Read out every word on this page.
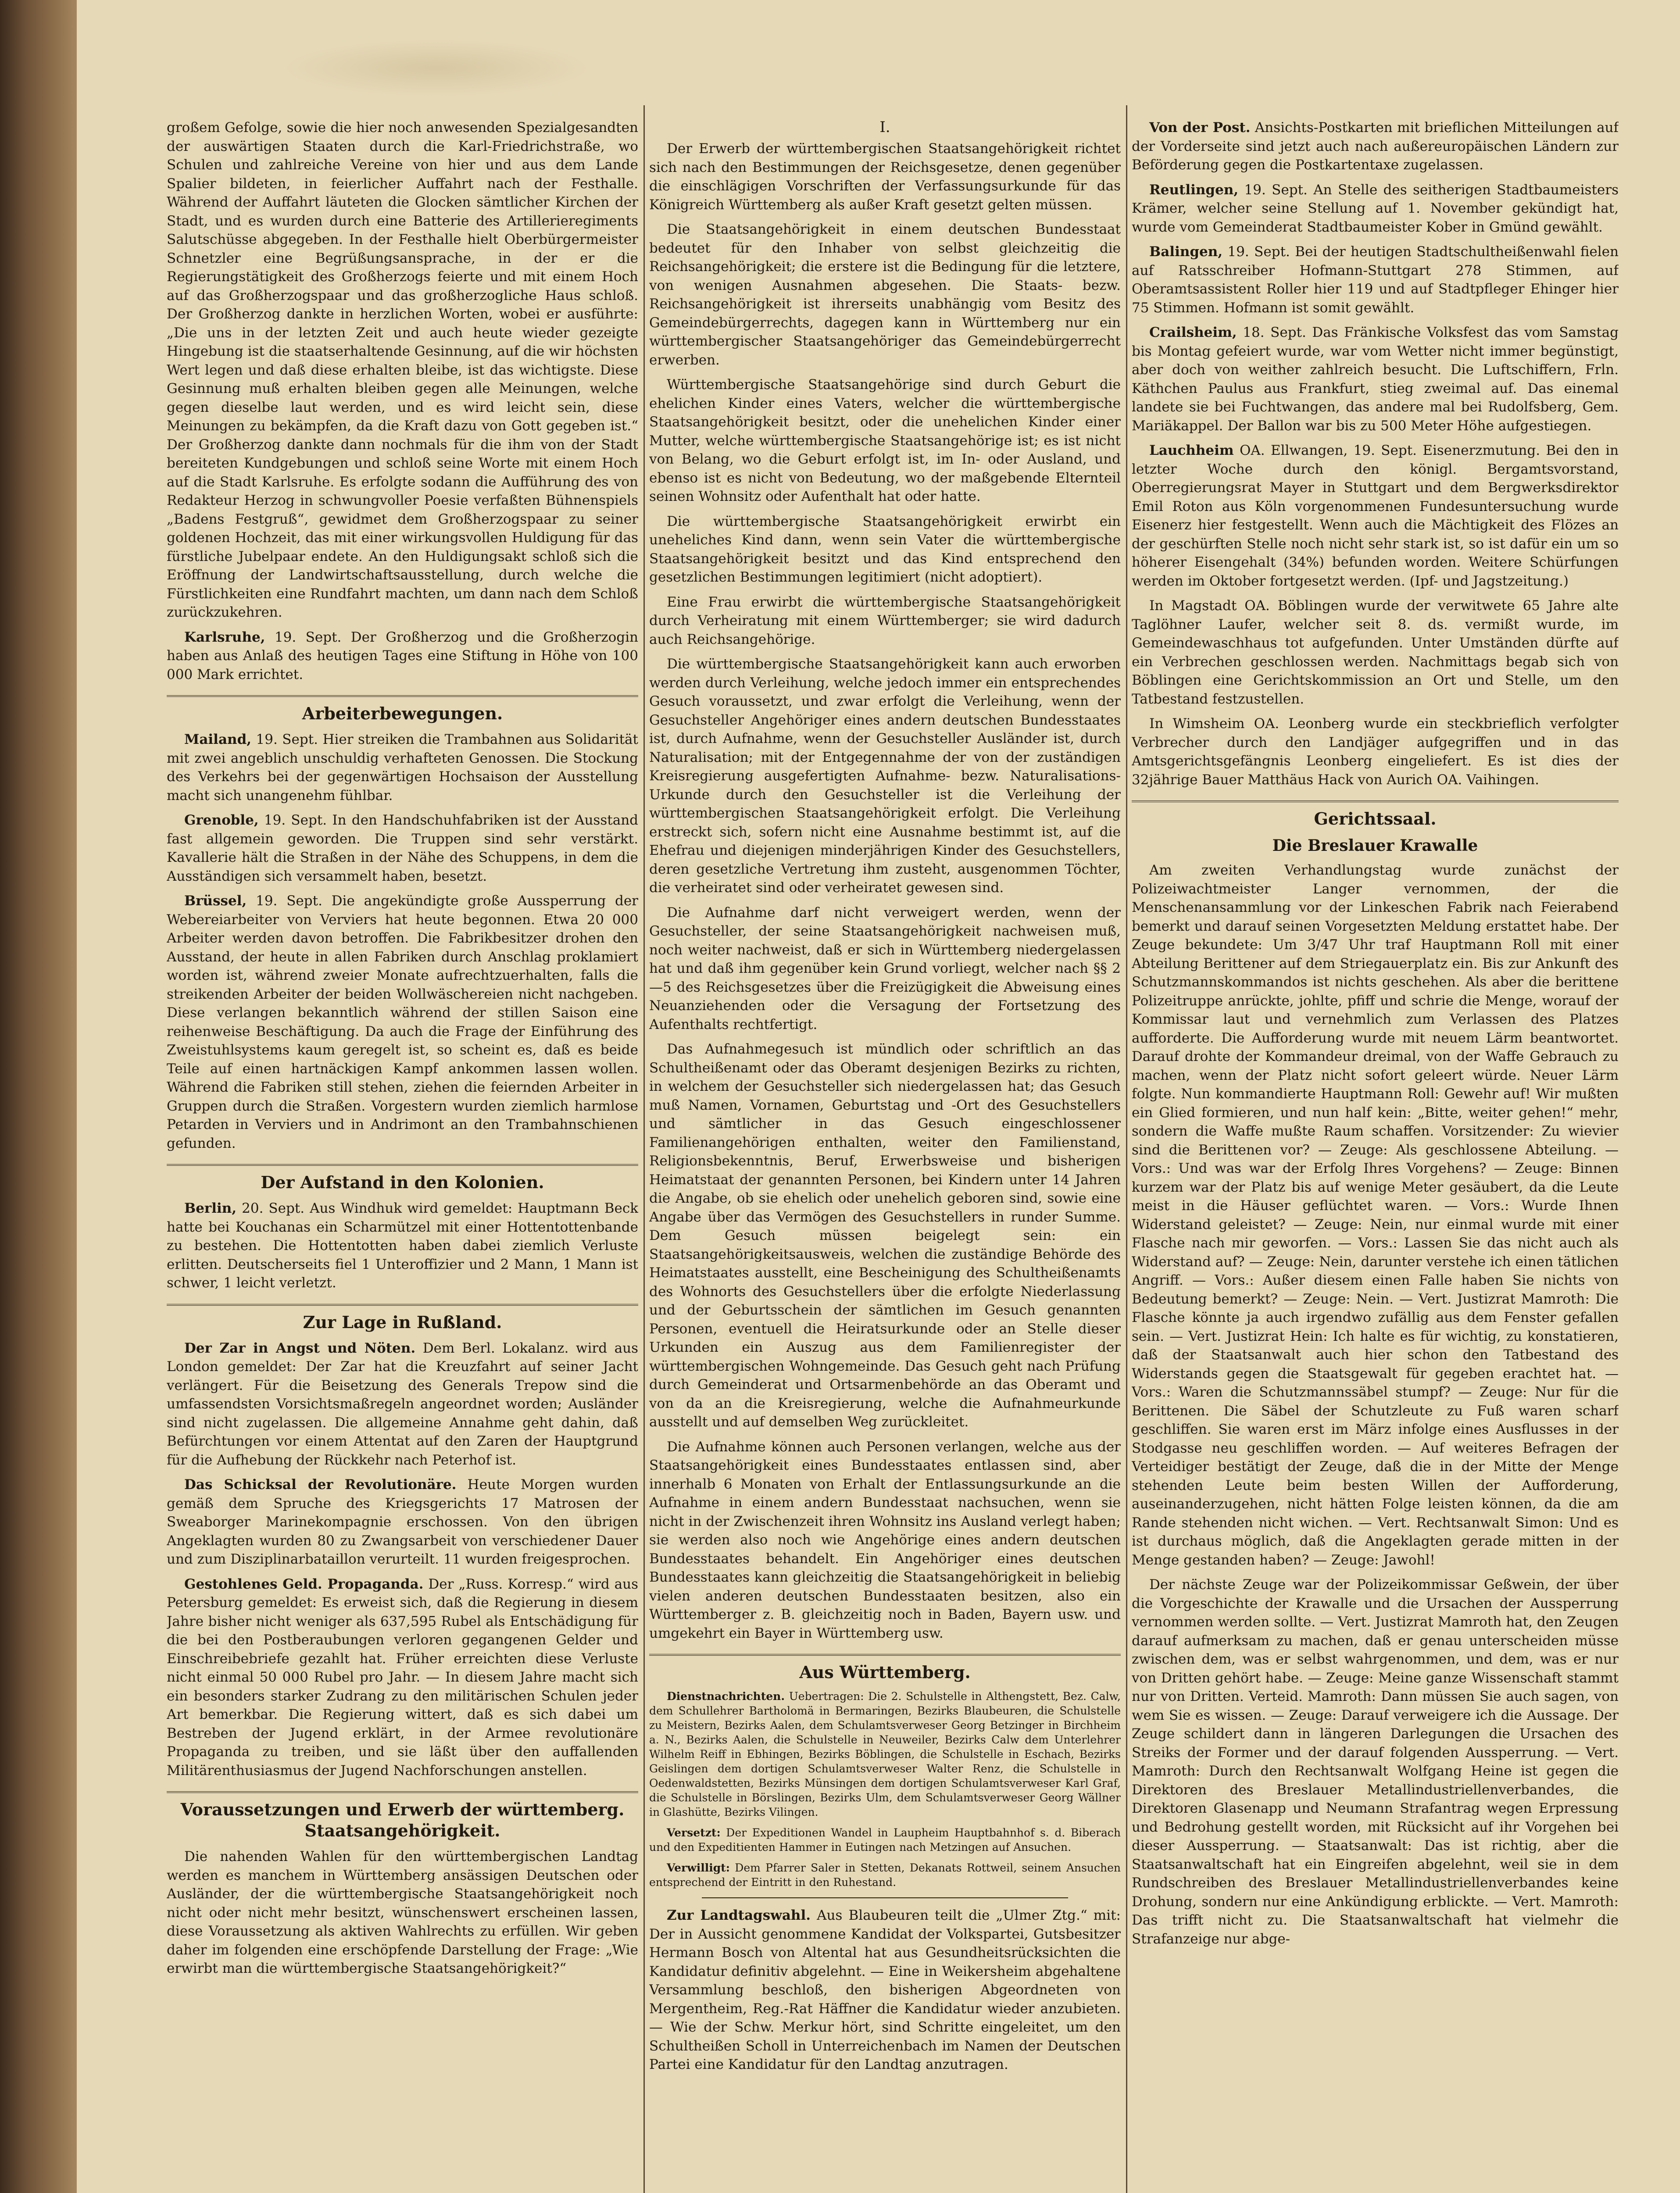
großem Gefolge, sowie die hier noch anwesenden Spezialgesandten der auswärtigen Staaten durch die Karl-Friedrichstraße, wo Schulen und zahlreiche Vereine von hier und aus dem Lande Spalier bildeten, in feierlicher Auffahrt nach der Festhalle. Während der Auffahrt läuteten die Glocken sämtlicher Kirchen der Stadt, und es wurden durch eine Batterie des Artillerieregiments Salutschüsse abgegeben. In der Festhalle hielt Oberbürgermeister Schnetzler eine Begrüßungsansprache, in der er die Regierungstätigkeit des Großherzogs feierte und mit einem Hoch auf das Großherzogspaar und das großherzogliche Haus schloß. Der Großherzog dankte in herzlichen Worten, wobei er ausführte: „Die uns in der letzten Zeit und auch heute wieder gezeigte Hingebung ist die staatserhaltende Gesinnung, auf die wir höchsten Wert legen und daß diese erhalten bleibe, ist das wichtigste. Diese Gesinnung muß erhalten bleiben gegen alle Meinungen, welche gegen dieselbe laut werden, und es wird leicht sein, diese Meinungen zu bekämpfen, da die Kraft dazu von Gott gegeben ist.“ Der Großherzog dankte dann nochmals für die ihm von der Stadt bereiteten Kundgebungen und schloß seine Worte mit einem Hoch auf die Stadt Karlsruhe. Es erfolgte sodann die Aufführung des von Redakteur Herzog in schwungvoller Poesie verfaßten Bühnenspiels „Badens Festgruß“, gewidmet dem Großherzogspaar zu seiner goldenen Hochzeit, das mit einer wirkungsvollen Huldigung für das fürstliche Jubelpaar endete. An den Huldigungsakt schloß sich die Eröffnung der Landwirtschaftsausstellung, durch welche die Fürstlichkeiten eine Rundfahrt machten, um dann nach dem Schloß zurückzukehren.

Karlsruhe, 19. Sept. Der Großherzog und die Großherzogin haben aus Anlaß des heutigen Tages eine Stiftung in Höhe von 100 000 Mark errichtet.

Arbeiterbewegungen.

Mailand, 19. Sept. Hier streiken die Trambahnen aus Solidarität mit zwei angeblich unschuldig verhafteten Genossen. Die Stockung des Verkehrs bei der gegenwärtigen Hochsaison der Ausstellung macht sich unangenehm fühlbar.

Grenoble, 19. Sept. In den Handschuhfabriken ist der Ausstand fast allgemein geworden. Die Truppen sind sehr verstärkt. Kavallerie hält die Straßen in der Nähe des Schuppens, in dem die Ausständigen sich versammelt haben, besetzt.

Brüssel, 19. Sept. Die angekündigte große Aussperrung der Webereiarbeiter von Verviers hat heute begonnen. Etwa 20 000 Arbeiter werden davon betroffen. Die Fabrikbesitzer drohen den Ausstand, der heute in allen Fabriken durch Anschlag proklamiert worden ist, während zweier Monate aufrechtzuerhalten, falls die streikenden Arbeiter der beiden Wollwäschereien nicht nachgeben. Diese verlangen bekanntlich während der stillen Saison eine reihenweise Beschäftigung. Da auch die Frage der Einführung des Zweistuhlsystems kaum geregelt ist, so scheint es, daß es beide Teile auf einen hartnäckigen Kampf ankommen lassen wollen. Während die Fabriken still stehen, ziehen die feiernden Arbeiter in Gruppen durch die Straßen. Vorgestern wurden ziemlich harmlose Petarden in Verviers und in Andrimont an den Trambahnschienen gefunden.

Der Aufstand in den Kolonien.

Berlin, 20. Sept. Aus Windhuk wird gemeldet: Hauptmann Beck hatte bei Kouchanas ein Scharmützel mit einer Hottentottenbande zu bestehen. Die Hottentotten haben dabei ziemlich Verluste erlitten. Deutscherseits fiel 1 Unteroffizier und 2 Mann, 1 Mann ist schwer, 1 leicht verletzt.

Zur Lage in Rußland.

Der Zar in Angst und Nöten. Dem Berl. Lokalanz. wird aus London gemeldet: Der Zar hat die Kreuzfahrt auf seiner Jacht verlängert. Für die Beisetzung des Generals Trepow sind die umfassendsten Vorsichtsmaßregeln angeordnet worden; Ausländer sind nicht zugelassen. Die allgemeine Annahme geht dahin, daß Befürchtungen vor einem Attentat auf den Zaren der Hauptgrund für die Aufhebung der Rückkehr nach Peterhof ist.

Das Schicksal der Revolutionäre. Heute Morgen wurden gemäß dem Spruche des Kriegsgerichts 17 Matrosen der Sweaborger Marinekompagnie erschossen. Von den übrigen Angeklagten wurden 80 zu Zwangsarbeit von verschiedener Dauer und zum Disziplinarbataillon verurteilt. 11 wurden freigesprochen.

Gestohlenes Geld. Propaganda. Der „Russ. Korresp.“ wird aus Petersburg gemeldet: Es erweist sich, daß die Regierung in diesem Jahre bisher nicht weniger als 637,595 Rubel als Entschädigung für die bei den Postberaubungen verloren gegangenen Gelder und Einschreibebriefe gezahlt hat. Früher erreichten diese Verluste nicht einmal 50 000 Rubel pro Jahr. — In diesem Jahre macht sich ein besonders starker Zudrang zu den militärischen Schulen jeder Art bemerkbar. Die Regierung wittert, daß es sich dabei um Bestreben der Jugend erklärt, in der Armee revolutionäre Propaganda zu treiben, und sie läßt über den auffallenden Militärenthusiasmus der Jugend Nachforschungen anstellen.

Voraussetzungen und Erwerb der württemberg. Staatsangehörigkeit.

Die nahenden Wahlen für den württembergischen Landtag werden es manchem in Württemberg ansässigen Deutschen oder Ausländer, der die württembergische Staatsangehörigkeit noch nicht oder nicht mehr besitzt, wünschenswert erscheinen lassen, diese Voraussetzung als aktiven Wahlrechts zu erfüllen. Wir geben daher im folgenden eine erschöpfende Darstellung der Frage: „Wie erwirbt man die württembergische Staatsangehörigkeit?“

I.

Der Erwerb der württembergischen Staatsangehörigkeit richtet sich nach den Bestimmungen der Reichsgesetze, denen gegenüber die einschlägigen Vorschriften der Verfassungsurkunde für das Königreich Württemberg als außer Kraft gesetzt gelten müssen.

Die Staatsangehörigkeit in einem deutschen Bundesstaat bedeutet für den Inhaber von selbst gleichzeitig die Reichsangehörigkeit; die erstere ist die Bedingung für die letztere, von wenigen Ausnahmen abgesehen. Die Staats- bezw. Reichsangehörigkeit ist ihrerseits unabhängig vom Besitz des Gemeindebürgerrechts, dagegen kann in Württemberg nur ein württembergischer Staatsangehöriger das Gemeindebürgerrecht erwerben.

Württembergische Staatsangehörige sind durch Geburt die ehelichen Kinder eines Vaters, welcher die württembergische Staatsangehörigkeit besitzt, oder die unehelichen Kinder einer Mutter, welche württembergische Staatsangehörige ist; es ist nicht von Belang, wo die Geburt erfolgt ist, im In- oder Ausland, und ebenso ist es nicht von Bedeutung, wo der maßgebende Elternteil seinen Wohnsitz oder Aufenthalt hat oder hatte.

Die württembergische Staatsangehörigkeit erwirbt ein uneheliches Kind dann, wenn sein Vater die württembergische Staatsangehörigkeit besitzt und das Kind entsprechend den gesetzlichen Bestimmungen legitimiert (nicht adoptiert).

Eine Frau erwirbt die württembergische Staatsangehörigkeit durch Verheiratung mit einem Württemberger; sie wird dadurch auch Reichsangehörige.

Die württembergische Staatsangehörigkeit kann auch erworben werden durch Verleihung, welche jedoch immer ein entsprechendes Gesuch voraussetzt, und zwar erfolgt die Verleihung, wenn der Gesuchsteller Angehöriger eines andern deutschen Bundesstaates ist, durch Aufnahme, wenn der Gesuchsteller Ausländer ist, durch Naturalisation; mit der Entgegennahme der von der zuständigen Kreisregierung ausgefertigten Aufnahme- bezw. Naturalisations-Urkunde durch den Gesuchsteller ist die Verleihung der württembergischen Staatsangehörigkeit erfolgt. Die Verleihung erstreckt sich, sofern nicht eine Ausnahme bestimmt ist, auf die Ehefrau und diejenigen minderjährigen Kinder des Gesuchstellers, deren gesetzliche Vertretung ihm zusteht, ausgenommen Töchter, die verheiratet sind oder verheiratet gewesen sind.

Die Aufnahme darf nicht verweigert werden, wenn der Gesuchsteller, der seine Staatsangehörigkeit nachweisen muß, noch weiter nachweist, daß er sich in Württemberg niedergelassen hat und daß ihm gegenüber kein Grund vorliegt, welcher nach §§ 2—5 des Reichsgesetzes über die Freizügigkeit die Abweisung eines Neuanziehenden oder die Versagung der Fortsetzung des Aufenthalts rechtfertigt.

Das Aufnahmegesuch ist mündlich oder schriftlich an das Schultheißenamt oder das Oberamt desjenigen Bezirks zu richten, in welchem der Gesuchsteller sich niedergelassen hat; das Gesuch muß Namen, Vornamen, Geburtstag und -Ort des Gesuchstellers und sämtlicher in das Gesuch eingeschlossener Familienangehörigen enthalten, weiter den Familienstand, Religionsbekenntnis, Beruf, Erwerbsweise und bisherigen Heimatstaat der genannten Personen, bei Kindern unter 14 Jahren die Angabe, ob sie ehelich oder unehelich geboren sind, sowie eine Angabe über das Vermögen des Gesuchstellers in runder Summe. Dem Gesuch müssen beigelegt sein: ein Staatsangehörigkeitsausweis, welchen die zuständige Behörde des Heimatstaates ausstellt, eine Bescheinigung des Schultheißenamts des Wohnorts des Gesuchstellers über die erfolgte Niederlassung und der Geburtsschein der sämtlichen im Gesuch genannten Personen, eventuell die Heiratsurkunde oder an Stelle dieser Urkunden ein Auszug aus dem Familienregister der württembergischen Wohngemeinde. Das Gesuch geht nach Prüfung durch Gemeinderat und Ortsarmenbehörde an das Oberamt und von da an die Kreisregierung, welche die Aufnahmeurkunde ausstellt und auf demselben Weg zurückleitet.

Die Aufnahme können auch Personen verlangen, welche aus der Staatsangehörigkeit eines Bundesstaates entlassen sind, aber innerhalb 6 Monaten von Erhalt der Entlassungsurkunde an die Aufnahme in einem andern Bundesstaat nachsuchen, wenn sie nicht in der Zwischenzeit ihren Wohnsitz ins Ausland verlegt haben; sie werden also noch wie Angehörige eines andern deutschen Bundesstaates behandelt. Ein Angehöriger eines deutschen Bundesstaates kann gleichzeitig die Staatsangehörigkeit in beliebig vielen anderen deutschen Bundesstaaten besitzen, also ein Württemberger z. B. gleichzeitig noch in Baden, Bayern usw. und umgekehrt ein Bayer in Württemberg usw.

Aus Württemberg.

Dienstnachrichten. Uebertragen: Die 2. Schulstelle in Althengstett, Bez. Calw, dem Schullehrer Bartholomä in Bermaringen, Bezirks Blaubeuren, die Schulstelle zu Meistern, Bezirks Aalen, dem Schulamtsverweser Georg Betzinger in Birchheim a. N., Bezirks Aalen, die Schulstelle in Neuweiler, Bezirks Calw dem Unterlehrer Wilhelm Reiff in Ebhingen, Bezirks Böblingen, die Schulstelle in Eschach, Bezirks Geislingen dem dortigen Schulamtsverweser Walter Renz, die Schulstelle in Oedenwaldstetten, Bezirks Münsingen dem dortigen Schulamtsverweser Karl Graf, die Schulstelle in Börslingen, Bezirks Ulm, dem Schulamtsverweser Georg Wällner in Glashütte, Bezirks Vilingen.

Versetzt: Der Expeditionen Wandel in Laupheim Hauptbahnhof s. d. Biberach und den Expeditienten Hammer in Eutingen nach Metzingen auf Ansuchen.

Verwilligt: Dem Pfarrer Saler in Stetten, Dekanats Rottweil, seinem Ansuchen entsprechend der Eintritt in den Ruhestand.

Zur Landtagswahl. Aus Blaubeuren teilt die „Ulmer Ztg.“ mit: Der in Aussicht genommene Kandidat der Volkspartei, Gutsbesitzer Hermann Bosch von Altental hat aus Gesundheitsrücksichten die Kandidatur definitiv abgelehnt. — Eine in Weikersheim abgehaltene Versammlung beschloß, den bisherigen Abgeordneten von Mergentheim, Reg.-Rat Häffner die Kandidatur wieder anzubieten. — Wie der Schw. Merkur hört, sind Schritte eingeleitet, um den Schultheißen Scholl in Unterreichenbach im Namen der Deutschen Partei eine Kandidatur für den Landtag anzutragen.

Von der Post. Ansichts-Postkarten mit brieflichen Mitteilungen auf der Vorderseite sind jetzt auch nach außereuropäischen Ländern zur Beförderung gegen die Postkartentaxe zugelassen.

Reutlingen, 19. Sept. An Stelle des seitherigen Stadtbaumeisters Krämer, welcher seine Stellung auf 1. November gekündigt hat, wurde vom Gemeinderat Stadtbaumeister Kober in Gmünd gewählt.

Balingen, 19. Sept. Bei der heutigen Stadtschultheißenwahl fielen auf Ratsschreiber Hofmann-Stuttgart 278 Stimmen, auf Oberamtsassistent Roller hier 119 und auf Stadtpfleger Ehinger hier 75 Stimmen. Hofmann ist somit gewählt.

Crailsheim, 18. Sept. Das Fränkische Volksfest das vom Samstag bis Montag gefeiert wurde, war vom Wetter nicht immer begünstigt, aber doch von weither zahlreich besucht. Die Luftschiffern, Frln. Käthchen Paulus aus Frankfurt, stieg zweimal auf. Das einemal landete sie bei Fuchtwangen, das andere mal bei Rudolfsberg, Gem. Mariäkappel. Der Ballon war bis zu 500 Meter Höhe aufgestiegen.

Lauchheim OA. Ellwangen, 19. Sept. Eisenerzmutung. Bei den in letzter Woche durch den königl. Bergamtsvorstand, Oberregierungsrat Mayer in Stuttgart und dem Bergwerksdirektor Emil Roton aus Köln vorgenommenen Fundesuntersuchung wurde Eisenerz hier festgestellt. Wenn auch die Mächtigkeit des Flözes an der geschürften Stelle noch nicht sehr stark ist, so ist dafür ein um so höherer Eisengehalt (34%) befunden worden. Weitere Schürfungen werden im Oktober fortgesetzt werden. (Ipf- und Jagstzeitung.)

In Magstadt OA. Böblingen wurde der verwitwete 65 Jahre alte Taglöhner Laufer, welcher seit 8. ds. vermißt wurde, im Gemeindewaschhaus tot aufgefunden. Unter Umständen dürfte auf ein Verbrechen geschlossen werden. Nachmittags begab sich von Böblingen eine Gerichtskommission an Ort und Stelle, um den Tatbestand festzustellen.

In Wimsheim OA. Leonberg wurde ein steckbrieflich verfolgter Verbrecher durch den Landjäger aufgegriffen und in das Amtsgerichtsgefängnis Leonberg eingeliefert. Es ist dies der 32jährige Bauer Matthäus Hack von Aurich OA. Vaihingen.

Gerichtssaal.
Die Breslauer Krawalle

Am zweiten Verhandlungstag wurde zunächst der Polizeiwachtmeister Langer vernommen, der die Menschenansammlung vor der Linkeschen Fabrik nach Feierabend bemerkt und darauf seinen Vorgesetzten Meldung erstattet habe. Der Zeuge bekundete: Um 3/47 Uhr traf Hauptmann Roll mit einer Abteilung Berittener auf dem Striegauerplatz ein. Bis zur Ankunft des Schutzmannskommandos ist nichts geschehen. Als aber die berittene Polizeitruppe anrückte, johlte, pfiff und schrie die Menge, worauf der Kommissar laut und vernehmlich zum Verlassen des Platzes aufforderte. Die Aufforderung wurde mit neuem Lärm beantwortet. Darauf drohte der Kommandeur dreimal, von der Waffe Gebrauch zu machen, wenn der Platz nicht sofort geleert würde. Neuer Lärm folgte. Nun kommandierte Hauptmann Roll: Gewehr auf! Wir mußten ein Glied formieren, und nun half kein: „Bitte, weiter gehen!“ mehr, sondern die Waffe mußte Raum schaffen. Vorsitzender: Zu wievier sind die Berittenen vor? — Zeuge: Als geschlossene Abteilung. — Vors.: Und was war der Erfolg Ihres Vorgehens? — Zeuge: Binnen kurzem war der Platz bis auf wenige Meter gesäubert, da die Leute meist in die Häuser geflüchtet waren. — Vors.: Wurde Ihnen Widerstand geleistet? — Zeuge: Nein, nur einmal wurde mit einer Flasche nach mir geworfen. — Vors.: Lassen Sie das nicht auch als Widerstand auf? — Zeuge: Nein, darunter verstehe ich einen tätlichen Angriff. — Vors.: Außer diesem einen Falle haben Sie nichts von Bedeutung bemerkt? — Zeuge: Nein. — Vert. Justizrat Mamroth: Die Flasche könnte ja auch irgendwo zufällig aus dem Fenster gefallen sein. — Vert. Justizrat Hein: Ich halte es für wichtig, zu konstatieren, daß der Staatsanwalt auch hier schon den Tatbestand des Widerstands gegen die Staatsgewalt für gegeben erachtet hat. — Vors.: Waren die Schutzmannssäbel stumpf? — Zeuge: Nur für die Berittenen. Die Säbel der Schutzleute zu Fuß waren scharf geschliffen. Sie waren erst im März infolge eines Ausflusses in der Stodgasse neu geschliffen worden. — Auf weiteres Befragen der Verteidiger bestätigt der Zeuge, daß die in der Mitte der Menge stehenden Leute beim besten Willen der Aufforderung, auseinanderzugehen, nicht hätten Folge leisten können, da die am Rande stehenden nicht wichen. — Vert. Rechtsanwalt Simon: Und es ist durchaus möglich, daß die Angeklagten gerade mitten in der Menge gestanden haben? — Zeuge: Jawohl!

Der nächste Zeuge war der Polizeikommissar Geßwein, der über die Vorgeschichte der Krawalle und die Ursachen der Aussperrung vernommen werden sollte. — Vert. Justizrat Mamroth hat, den Zeugen darauf aufmerksam zu machen, daß er genau unterscheiden müsse zwischen dem, was er selbst wahrgenommen, und dem, was er nur von Dritten gehört habe. — Zeuge: Meine ganze Wissenschaft stammt nur von Dritten. Verteid. Mamroth: Dann müssen Sie auch sagen, von wem Sie es wissen. — Zeuge: Darauf verweigere ich die Aussage. Der Zeuge schildert dann in längeren Darlegungen die Ursachen des Streiks der Former und der darauf folgenden Aussperrung. — Vert. Mamroth: Durch den Rechtsanwalt Wolfgang Heine ist gegen die Direktoren des Breslauer Metallindustriellenverbandes, die Direktoren Glasenapp und Neumann Strafantrag wegen Erpressung und Bedrohung gestellt worden, mit Rücksicht auf ihr Vorgehen bei dieser Aussperrung. — Staatsanwalt: Das ist richtig, aber die Staatsanwaltschaft hat ein Eingreifen abgelehnt, weil sie in dem Rundschreiben des Breslauer Metallindustriellenverbandes keine Drohung, sondern nur eine Ankündigung erblickte. — Vert. Mamroth: Das trifft nicht zu. Die Staatsanwaltschaft hat vielmehr die Strafanzeige nur abge-
